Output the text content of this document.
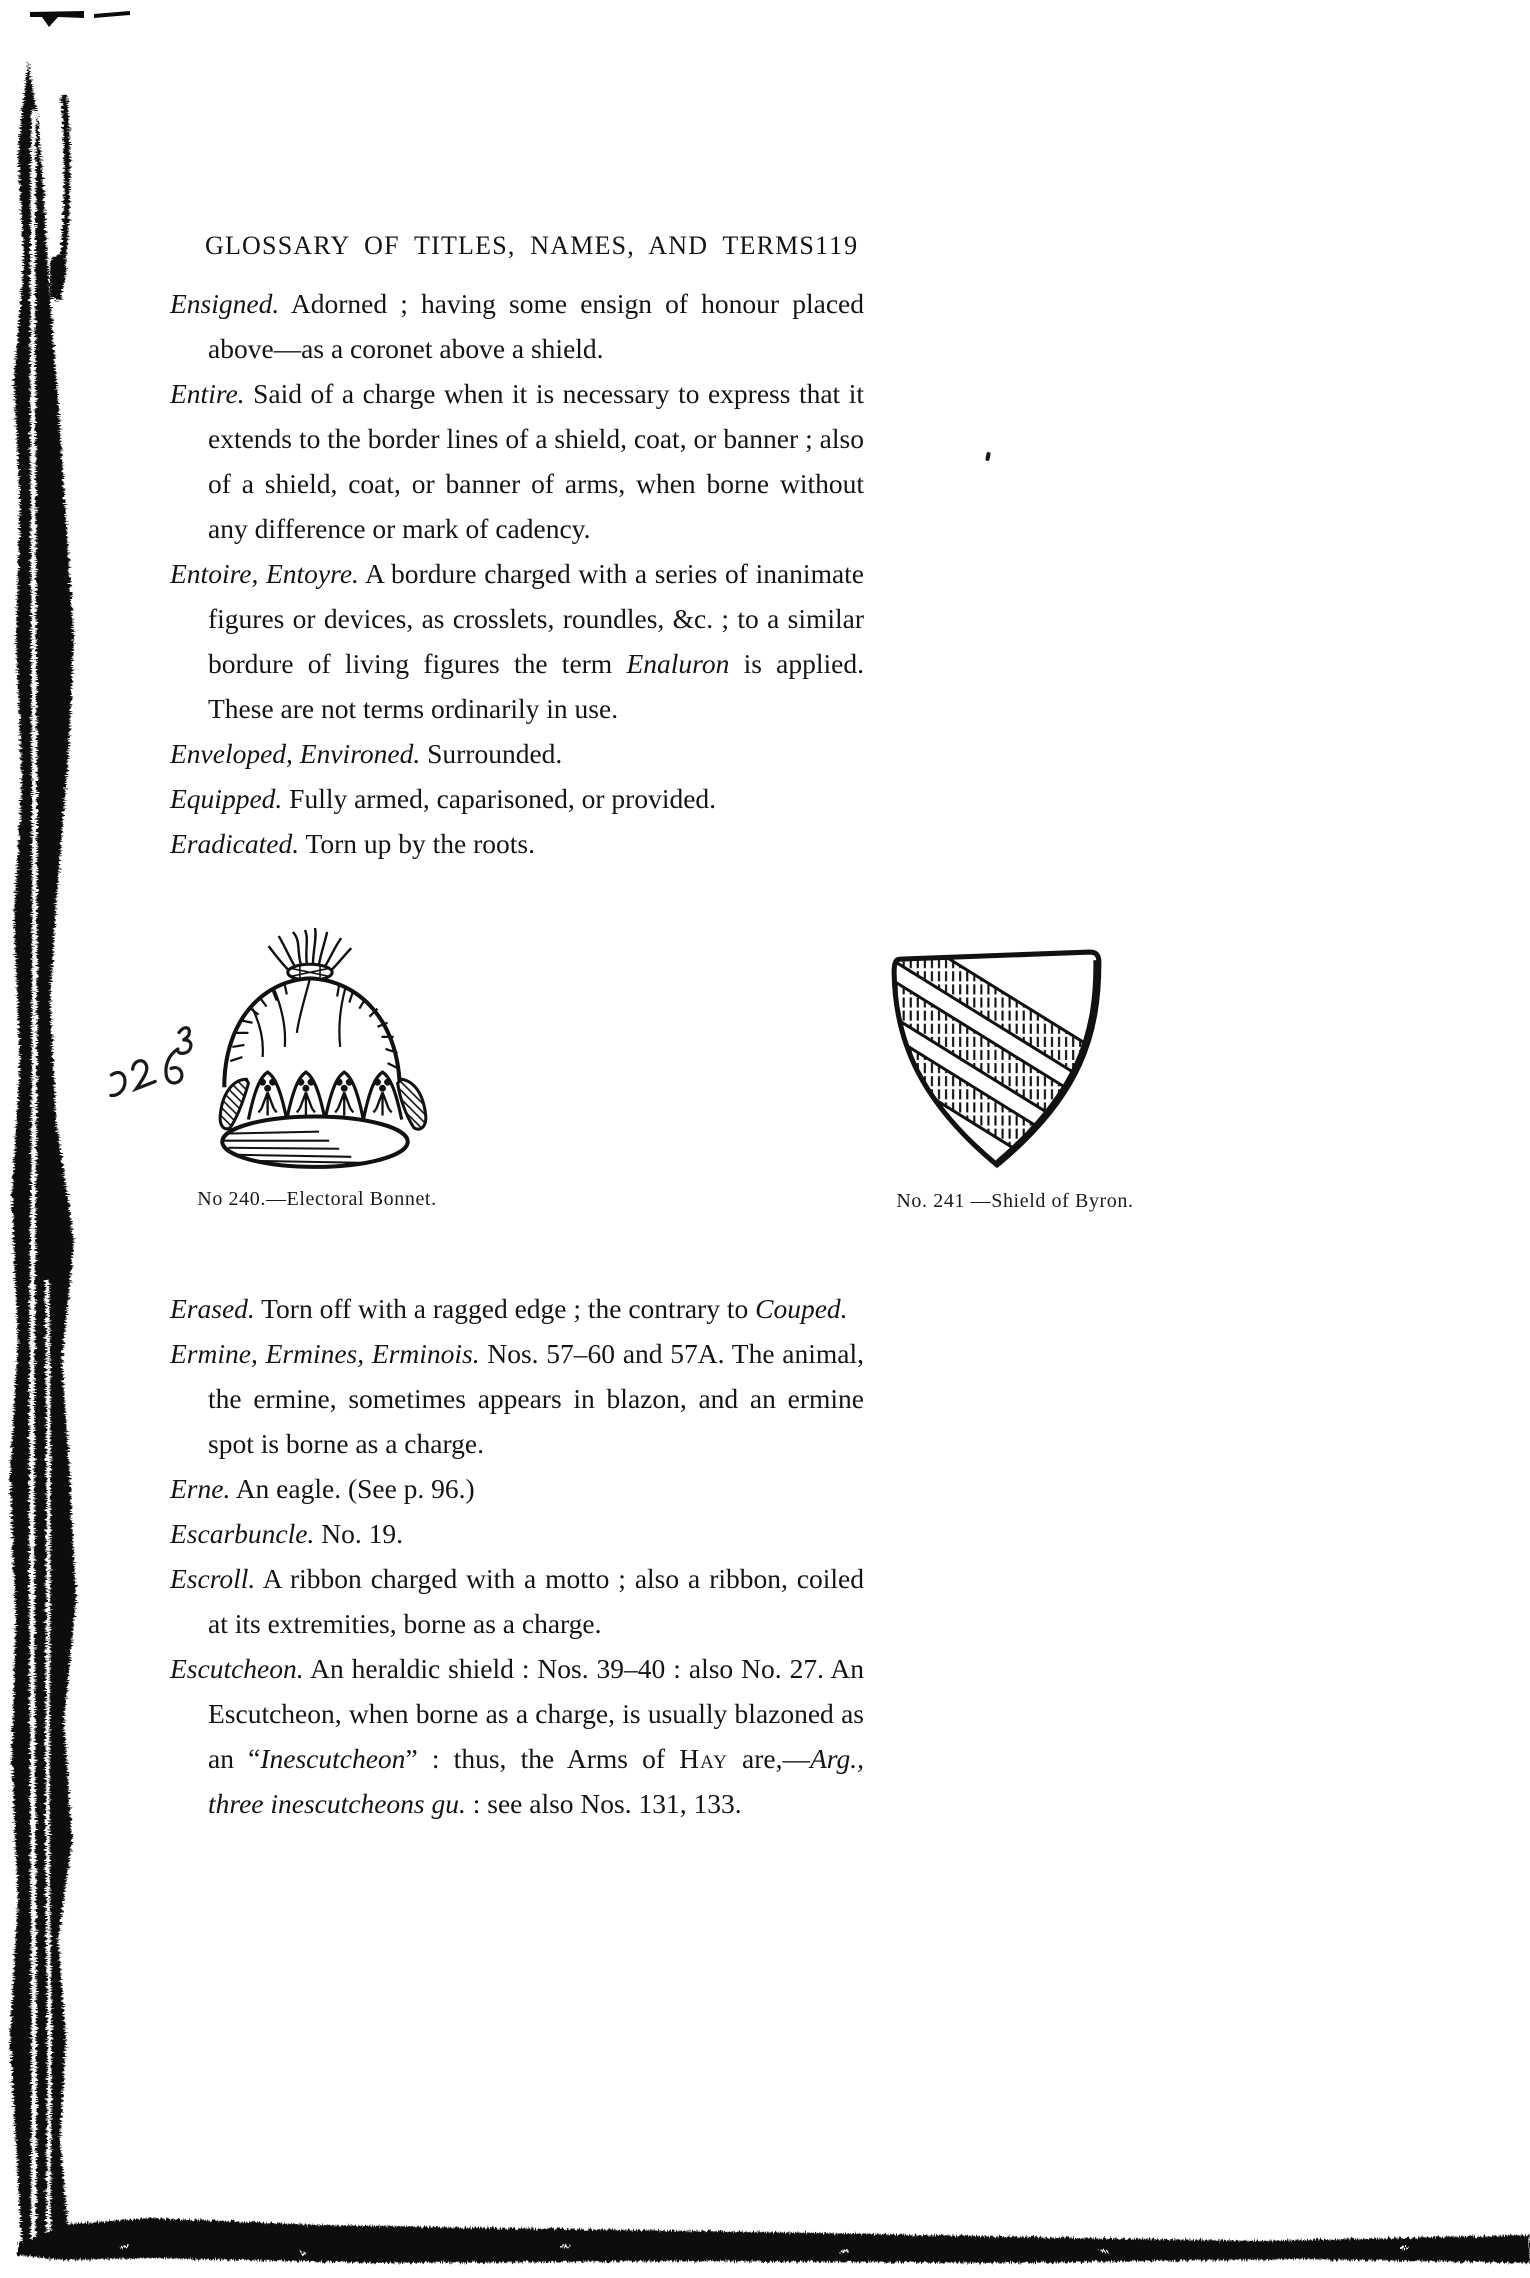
GLOSSARY OF TITLES, NAMES, AND TERMS 119

Ensigned. Adorned ; having some ensign of honour placed above—as a coronet above a shield.

Entire. Said of a charge when it is necessary to express that it extends to the border lines of a shield, coat, or banner ; also of a shield, coat, or banner of arms, when borne without any difference or mark of cadency.

Entoire, Entoyre. A bordure charged with a series of inanimate figures or devices, as crosslets, roundles, &c. ; to a similar bordure of living figures the term Enaluron is applied. These are not terms ordinarily in use.

Enveloped, Environed. Surrounded.

Equipped. Fully armed, caparisoned, or provided.

Eradicated. Torn up by the roots.

No 240.—Electoral Bonnet.	No. 241 —Shield of Byron.

Erased. Torn off with a ragged edge ; the contrary to Couped.

Ermine, Ermines, Erminois. Nos. 57–60 and 57A. The animal, the ermine, sometimes appears in blazon, and an ermine spot is borne as a charge.

Erne. An eagle. (See p. 96.)

Escarbuncle. No. 19.

Escroll. A ribbon charged with a motto ; also a ribbon, coiled at its extremities, borne as a charge.

Escutcheon. An heraldic shield : Nos. 39–40 : also No. 27. An Escutcheon, when borne as a charge, is usually blazoned as an “Inescutcheon” : thus, the Arms of Hay are,—Arg., three inescutcheons gu. : see also Nos. 131, 133.
